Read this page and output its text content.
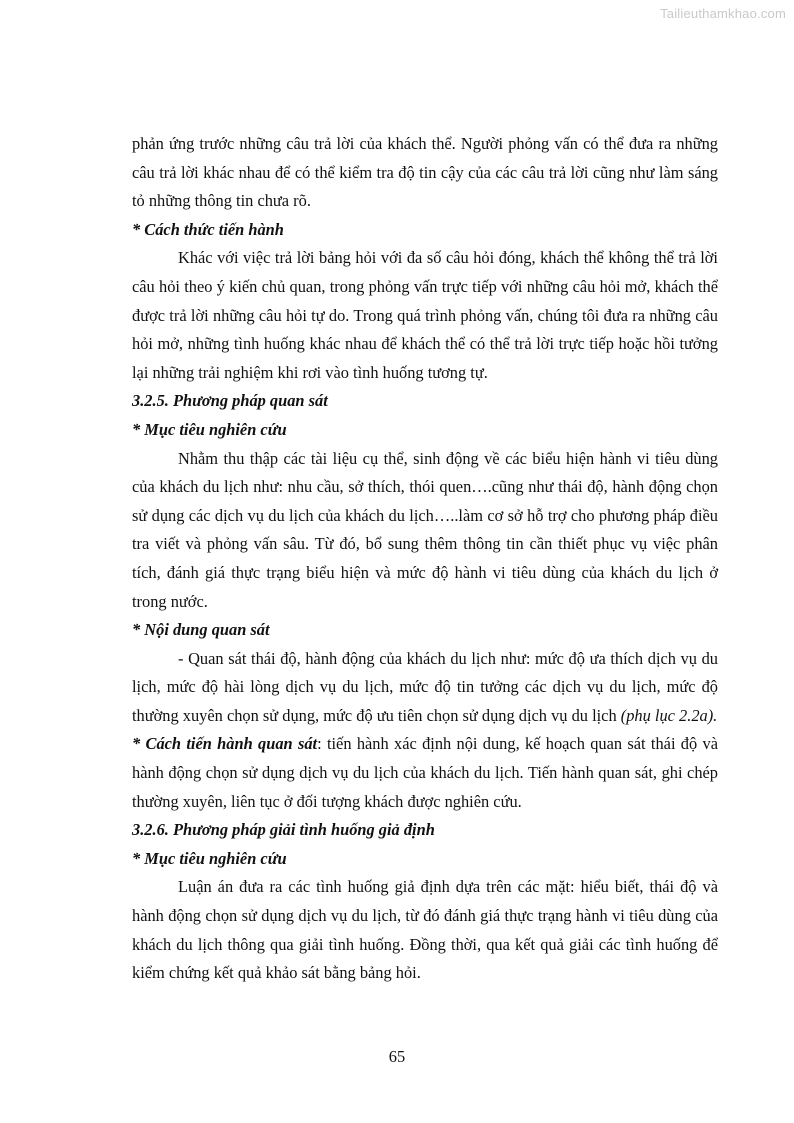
Tailieuthamkhao.com

phản ứng trước những câu trả lời của khách thể. Người phỏng vấn có thể đưa ra những câu trả lời khác nhau để có thể kiểm tra độ tin cậy của các câu trả lời cũng như làm sáng tỏ những thông tin chưa rõ.

* Cách thức tiến hành

Khác với việc trả lời bảng hỏi với đa số câu hỏi đóng, khách thể không thể trả lời câu hỏi theo ý kiến chủ quan, trong phỏng vấn trực tiếp với những câu hỏi mở, khách thể được trả lời những câu hỏi tự do. Trong quá trình phỏng vấn, chúng tôi đưa ra những câu hỏi mở, những tình huống khác nhau để khách thể có thể trả lời trực tiếp hoặc hồi tưởng lại những trải nghiệm khi rơi vào tình huống tương tự.

3.2.5. Phương pháp quan sát

* Mục tiêu nghiên cứu

Nhằm thu thập các tài liệu cụ thể, sinh động về các biểu hiện hành vi tiêu dùng của khách du lịch như: nhu cầu, sở thích, thói quen….cũng như thái độ, hành động chọn sử dụng các dịch vụ du lịch của khách du lịch…..làm cơ sở hỗ trợ cho phương pháp điều tra viết và phỏng vấn sâu. Từ đó, bổ sung thêm thông tin cần thiết phục vụ việc phân tích, đánh giá thực trạng biểu hiện và mức độ hành vi tiêu dùng của khách du lịch ở trong nước.

* Nội dung quan sát

- Quan sát thái độ, hành động của khách du lịch như: mức độ ưa thích dịch vụ du lịch, mức độ hài lòng dịch vụ du lịch, mức độ tin tưởng các dịch vụ du lịch, mức độ thường xuyên chọn sử dụng, mức độ ưu tiên chọn sử dụng dịch vụ du lịch (phụ lục 2.2a).

* Cách tiến hành quan sát: tiến hành xác định nội dung, kế hoạch quan sát thái độ và hành động chọn sử dụng dịch vụ du lịch của khách du lịch. Tiến hành quan sát, ghi chép thường xuyên, liên tục ở đối tượng khách được nghiên cứu.

3.2.6. Phương pháp giải tình huống giả định

* Mục tiêu nghiên cứu

Luận án đưa ra các tình huống giả định dựa trên các mặt: hiểu biết, thái độ và hành động chọn sử dụng dịch vụ du lịch, từ đó đánh giá thực trạng hành vi tiêu dùng của khách du lịch thông qua giải tình huống. Đồng thời, qua kết quả giải các tình huống để kiểm chứng kết quả khảo sát bằng bảng hỏi.

65
